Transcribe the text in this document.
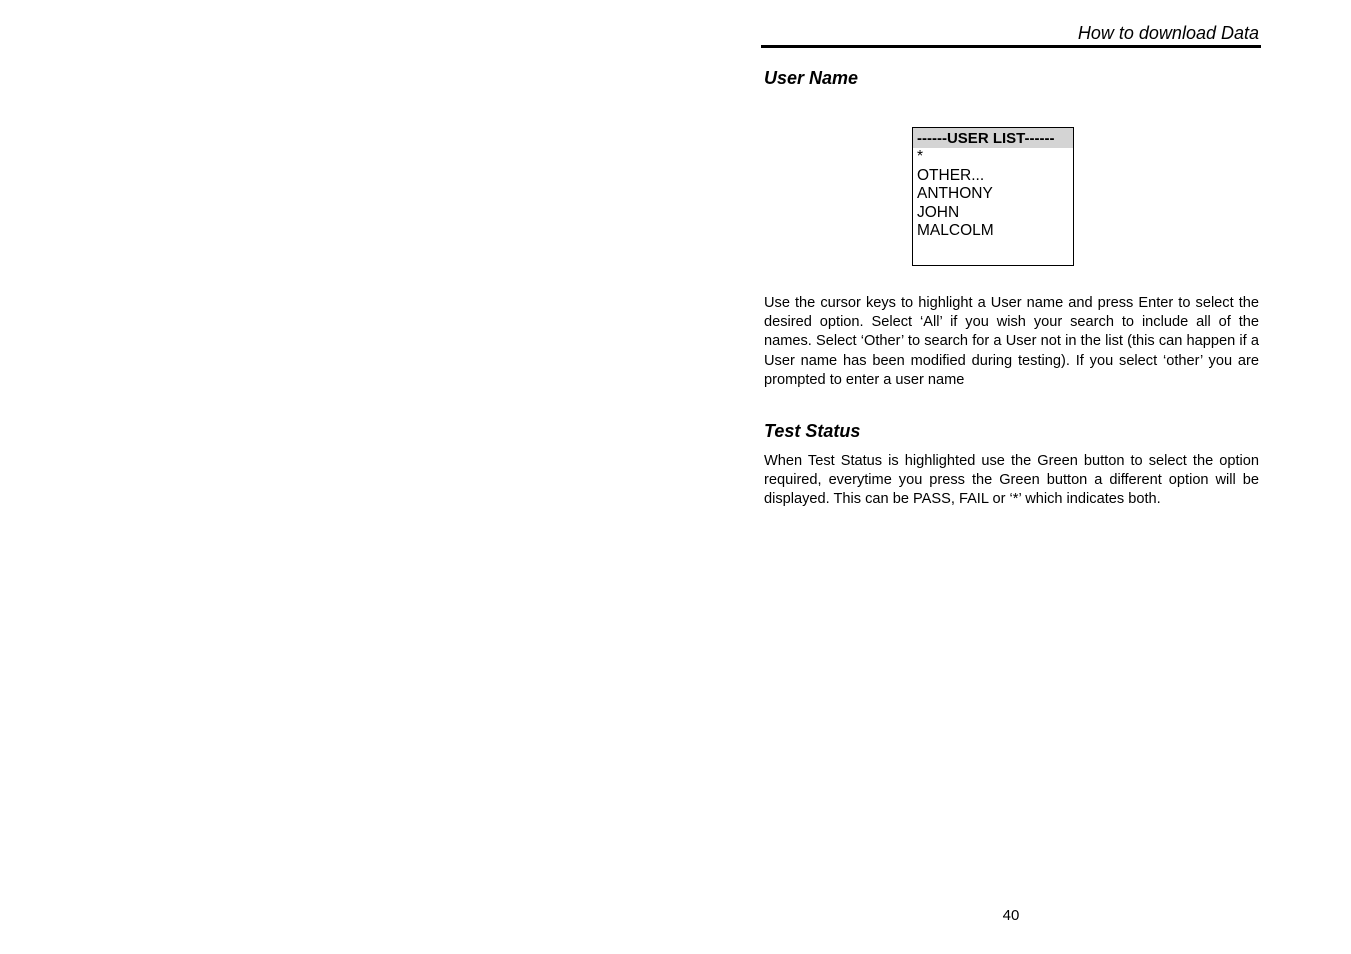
How to download Data
User Name
------USER LIST------
*
OTHER...
ANTHONY
JOHN
MALCOLM

Use the cursor keys to highlight a User name and press Enter to select the desired option. Select ‘All’ if you wish your search to include all of the names. Select ‘Other’ to search for a User not in the list (this can happen if a User name has been modified during testing). If you select ‘other’ you are prompted to enter a user name

Test Status

When Test Status is highlighted use the Green button to select the option required, everytime you press the Green button a different option will be displayed. This can be PASS, FAIL or ‘*’ which indicates both.

40
